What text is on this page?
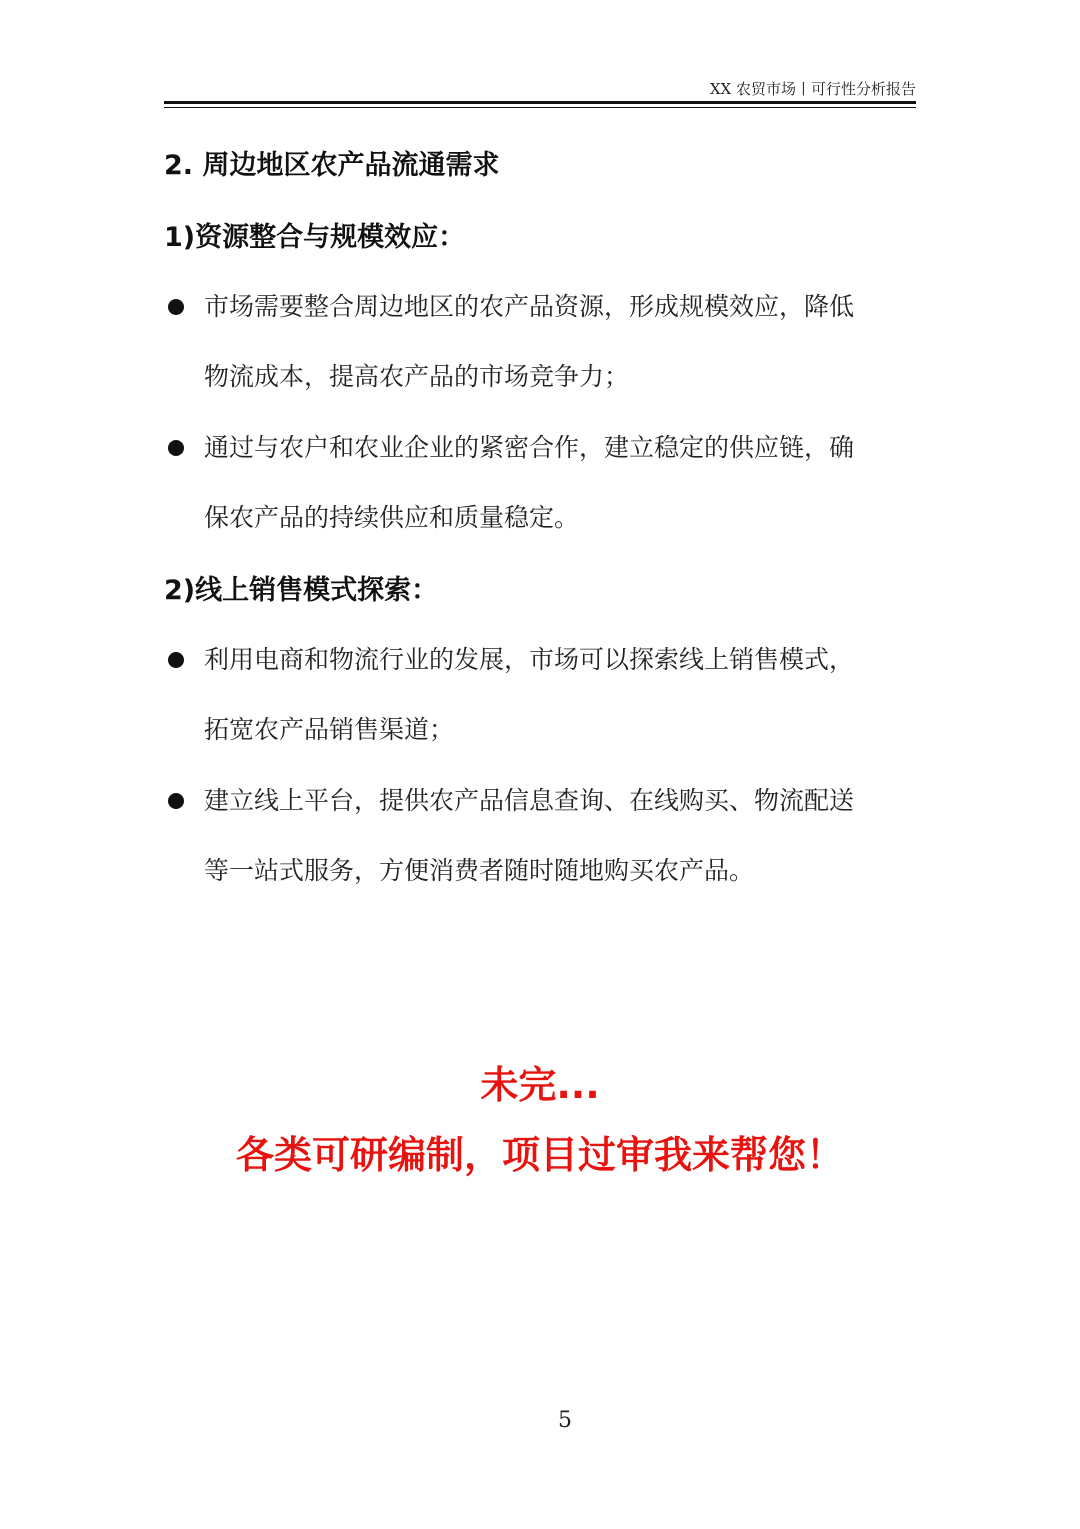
XX 农贸市场丨可行性分析报告
2. 周边地区农产品流通需求
1)资源整合与规模效应：
市场需要整合周边地区的农产品资源，形成规模效应，降低
物流成本，提高农产品的市场竞争力；
通过与农户和农业企业的紧密合作，建立稳定的供应链，确
保农产品的持续供应和质量稳定。
2)线上销售模式探索：
利用电商和物流行业的发展，市场可以探索线上销售模式，
拓宽农产品销售渠道；
建立线上平台，提供农产品信息查询、在线购买、物流配送
等一站式服务，方便消费者随时随地购买农产品。
未完...
各类可研编制，项目过审我来帮您！
5
